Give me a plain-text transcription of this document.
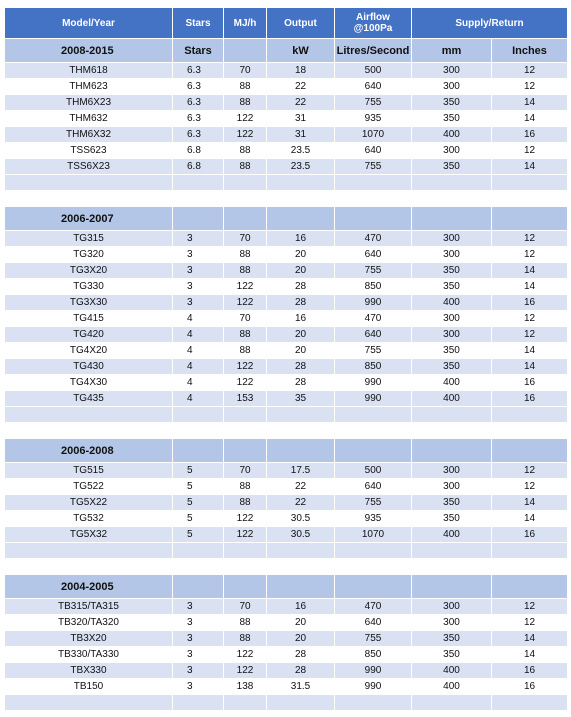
Model/Year	Stars	MJ/h	Output	Airflow
@100Pa	Supply/Return	
2008-2015	Stars		kW	Litres/Second	mm	Inches
THM618	6.3	70	18	500	300	12
THM623	6.3	88	22	640	300	12
THM6X23	6.3	88	22	755	350	14
THM632	6.3	122	31	935	350	14
THM6X32	6.3	122	31	1070	400	16
TSS623	6.8	88	23.5	640	300	12
TSS6X23	6.8	88	23.5	755	350	14

2006-2007						
TG315	3	70	16	470	300	12
TG320	3	88	20	640	300	12
TG3X20	3	88	20	755	350	14
TG330	3	122	28	850	350	14
TG3X30	3	122	28	990	400	16
TG415	4	70	16	470	300	12
TG420	4	88	20	640	300	12
TG4X20	4	88	20	755	350	14
TG430	4	122	28	850	350	14
TG4X30	4	122	28	990	400	16
TG435	4	153	35	990	400	16

2006-2008						
TG515	5	70	17.5	500	300	12
TG522	5	88	22	640	300	12
TG5X22	5	88	22	755	350	14
TG532	5	122	30.5	935	350	14
TG5X32	5	122	30.5	1070	400	16

2004-2005						
TB315/TA315	3	70	16	470	300	12
TB320/TA320	3	88	20	640	300	12
TB3X20	3	88	20	755	350	14
TB330/TA330	3	122	28	850	350	14
TBX330	3	122	28	990	400	16
TB150	3	138	31.5	990	400	16
